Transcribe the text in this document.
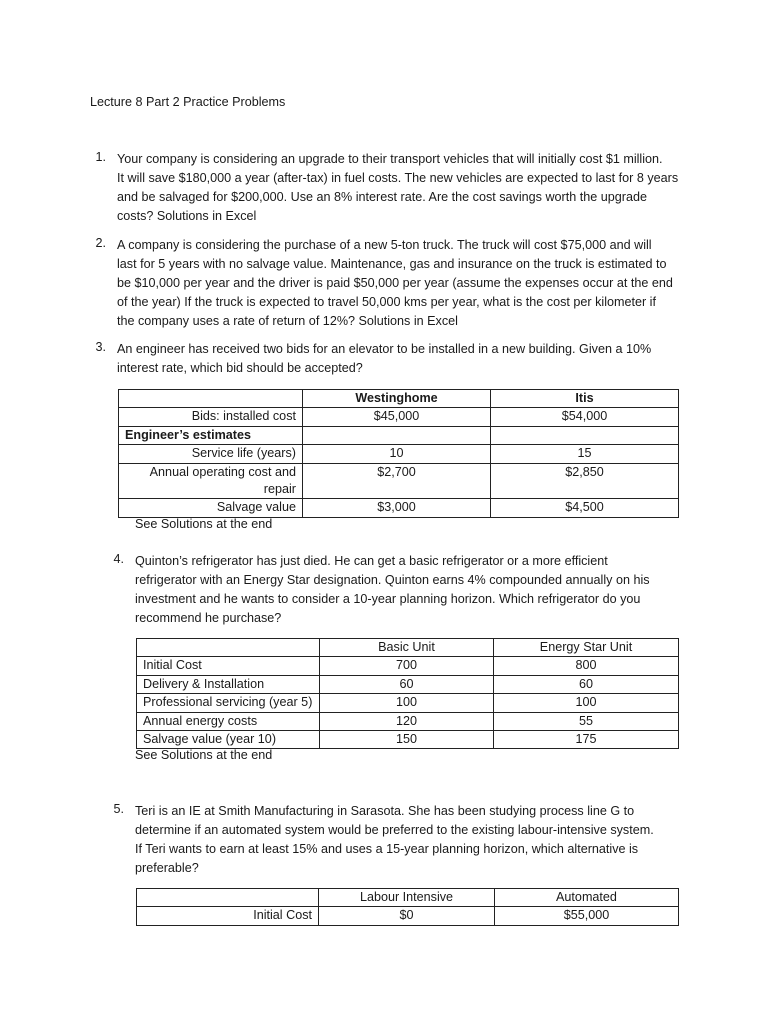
Lecture 8 Part 2 Practice Problems
1. Your company is considering an upgrade to their transport vehicles that will initially cost $1 million.
It will save $180,000 a year (after-tax) in fuel costs. The new vehicles are expected to last for 8 years
and be salvaged for $200,000. Use an 8% interest rate. Are the cost savings worth the upgrade
costs? Solutions in Excel
2. A company is considering the purchase of a new 5-ton truck. The truck will cost $75,000 and will
last for 5 years with no salvage value. Maintenance, gas and insurance on the truck is estimated to
be $10,000 per year and the driver is paid $50,000 per year (assume the expenses occur at the end
of the year) If the truck is expected to travel 50,000 kms per year, what is the cost per kilometer if
the company uses a rate of return of 12%? Solutions in Excel
3. An engineer has received two bids for an elevator to be installed in a new building. Given a 10%
interest rate, which bid should be accepted?
	Westinghome	Itis
Bids: installed cost	$45,000	$54,000
Engineer’s estimates		
Service life (years)	10	15

Annual operating cost and
repair	$2,700	$2,850
Salvage value	$3,000	$4,500
See Solutions at the end
4. Quinton’s refrigerator has just died. He can get a basic refrigerator or a more efficient
refrigerator with an Energy Star designation. Quinton earns 4% compounded annually on his
investment and he wants to consider a 10-year planning horizon. Which refrigerator do you
recommend he purchase?
	Basic Unit	Energy Star Unit
Initial Cost	700	800
Delivery & Installation	60	60
Professional servicing (year 5)	100	100
Annual energy costs	120	55
Salvage value (year 10)	150	175
See Solutions at the end
5. Teri is an IE at Smith Manufacturing in Sarasota. She has been studying process line G to
determine if an automated system would be preferred to the existing labour-intensive system.
If Teri wants to earn at least 15% and uses a 15-year planning horizon, which alternative is
preferable?
	Labour Intensive	Automated
Initial Cost	$0	$55,000
